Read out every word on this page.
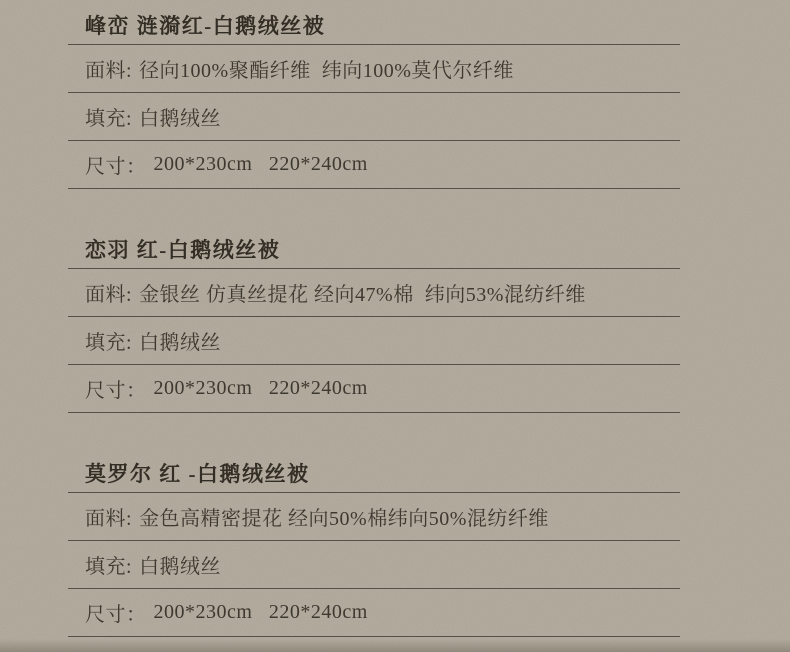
峰峦 涟漪红-白鹅绒丝被
面料: 径向100%聚酯纤维  纬向100%莫代尔纤维
填充: 白鹅绒丝
尺寸： 200*230cm   220*240cm
恋羽 红-白鹅绒丝被
面料: 金银丝 仿真丝提花 经向47%棉  纬向53%混纺纤维
填充: 白鹅绒丝
尺寸： 200*230cm   220*240cm
莫罗尔 红 -白鹅绒丝被
面料: 金色高精密提花 经向50%棉纬向50%混纺纤维
填充: 白鹅绒丝
尺寸： 200*230cm   220*240cm
